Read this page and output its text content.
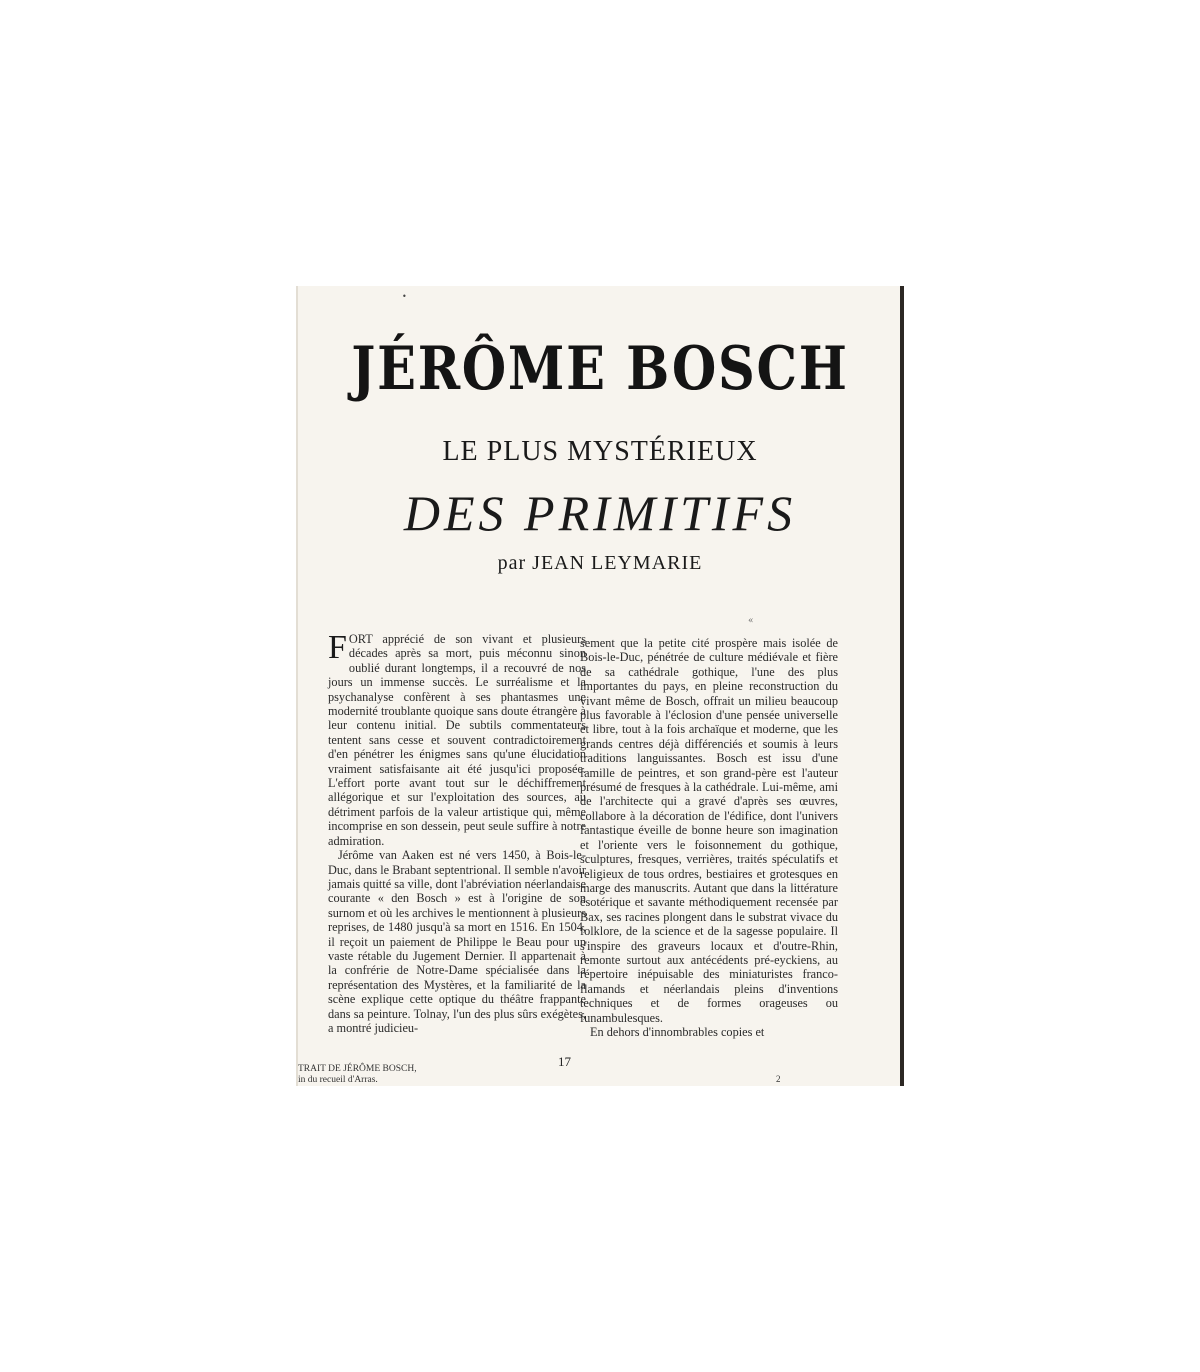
•
JÉRÔME BOSCH
LE PLUS MYSTÉRIEUX
DES PRIMITIFS
par JEAN LEYMARIE
«

FORT apprécié de son vivant et plusieurs décades après sa mort, puis méconnu sinon oublié durant longtemps, il a recouvré de nos jours un immense succès. Le surréalisme et la psychanalyse confèrent à ses phantasmes une modernité troublante quoique sans doute étrangère à leur contenu initial. De subtils commentateurs tentent sans cesse et souvent contradictoirement d'en pénétrer les énigmes sans qu'une élucidation vraiment satisfaisante ait été jusqu'ici proposée. L'effort porte avant tout sur le déchiffrement allégorique et sur l'exploitation des sources, au détriment parfois de la valeur artistique qui, même incomprise en son dessein, peut seule suffire à notre admiration.

Jérôme van Aaken est né vers 1450, à Bois-le-Duc, dans le Brabant septentrional. Il semble n'avoir jamais quitté sa ville, dont l'abréviation néerlandaise courante « den Bosch » est à l'origine de son surnom et où les archives le mentionnent à plusieurs reprises, de 1480 jusqu'à sa mort en 1516. En 1504, il reçoit un paiement de Philippe le Beau pour un vaste rétable du Jugement Dernier. Il appartenait à la confrérie de Notre-Dame spécialisée dans la représentation des Mystères, et la familiarité de la scène explique cette optique du théâtre frappante dans sa peinture. Tolnay, l'un des plus sûrs exégètes, a montré judicieu-

sement que la petite cité prospère mais isolée de Bois-le-Duc, pénétrée de culture médiévale et fière de sa cathédrale gothique, l'une des plus importantes du pays, en pleine reconstruction du vivant même de Bosch, offrait un milieu beaucoup plus favorable à l'éclosion d'une pensée universelle et libre, tout à la fois archaïque et moderne, que les grands centres déjà différenciés et soumis à leurs traditions languissantes. Bosch est issu d'une famille de peintres, et son grand-père est l'auteur présumé de fresques à la cathédrale. Lui-même, ami de l'architecte qui a gravé d'après ses œuvres, collabore à la décoration de l'édifice, dont l'univers fantastique éveille de bonne heure son imagination et l'oriente vers le foisonnement du gothique, sculptures, fresques, verrières, traités spéculatifs et religieux de tous ordres, bestiaires et grotesques en marge des manuscrits. Autant que dans la littérature ésotérique et savante méthodiquement recensée par Bax, ses racines plongent dans le substrat vivace du folklore, de la science et de la sagesse populaire. Il s'inspire des graveurs locaux et d'outre-Rhin, remonte surtout aux antécédents pré-eyckiens, au répertoire inépuisable des miniaturistes franco-flamands et néerlandais pleins d'inventions techniques et de formes orageuses ou funambulesques.

En dehors d'innombrables copies et

17
TRAIT DE JÉRÔME BOSCH,
in du recueil d'Arras.	2
